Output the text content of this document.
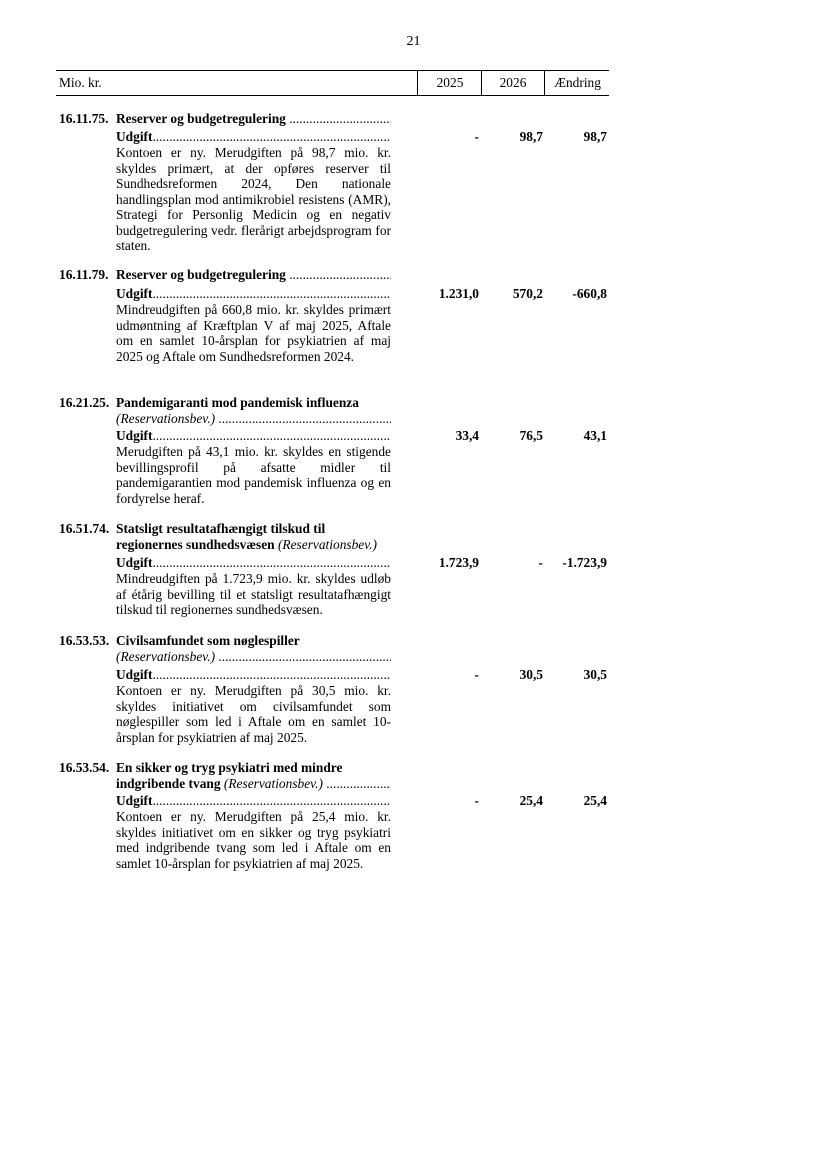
21
Mio. kr.	2025	2026	Ændring
16.11.75. Reserver og budgetregulering .....
Udgift .....	-	98,7	98,7
Kontoen er ny. Merudgiften på 98,7 mio. kr. skyldes primært, at der opføres reserver til Sundhedsreformen 2024, Den nationale handlingsplan mod antimikrobiel resistens (AMR), Strategi for Personlig Medicin og en negativ budgetregulering vedr. flerårigt arbejdsprogram for staten.
16.11.79. Reserver og budgetregulering .....
Udgift .....	1.231,0	570,2	-660,8
Mindreudgiften på 660,8 mio. kr. skyldes primært udmøntning af Kræftplan V af maj 2025, Aftale om en samlet 10-årsplan for psykiatrien af maj 2025 og Aftale om Sundhedsreformen 2024.
16.21.25. Pandemigaranti mod pandemisk influenza
(Reservationsbev.) .....
Udgift .....	33,4	76,5	43,1
Merudgiften på 43,1 mio. kr. skyldes en stigende bevillingsprofil på afsatte midler til pandemigarantien mod pandemisk influenza og en fordyrelse heraf.
16.51.74. Statsligt resultatafhængigt tilskud til
regionernes sundhedsvæsen (Reservationsbev.)
Udgift .....	1.723,9	-	-1.723,9
Mindreudgiften på 1.723,9 mio. kr. skyldes udløb af étårig bevilling til et statsligt resultatafhængigt tilskud til regionernes sundhedsvæsen.
16.53.53. Civilsamfundet som nøglespiller
(Reservationsbev.) .....
Udgift .....	-	30,5	30,5
Kontoen er ny. Merudgiften på 30,5 mio. kr. skyldes initiativet om civilsamfundet som nøglespiller som led i Aftale om en samlet 10-årsplan for psykiatrien af maj 2025.
16.53.54. En sikker og tryg psykiatri med mindre
indgribende tvang (Reservationsbev.) .....
Udgift .....	-	25,4	25,4
Kontoen er ny. Merudgiften på 25,4 mio. kr. skyldes initiativet om en sikker og tryg psykiatri med indgribende tvang som led i Aftale om en samlet 10-årsplan for psykiatrien af maj 2025.
